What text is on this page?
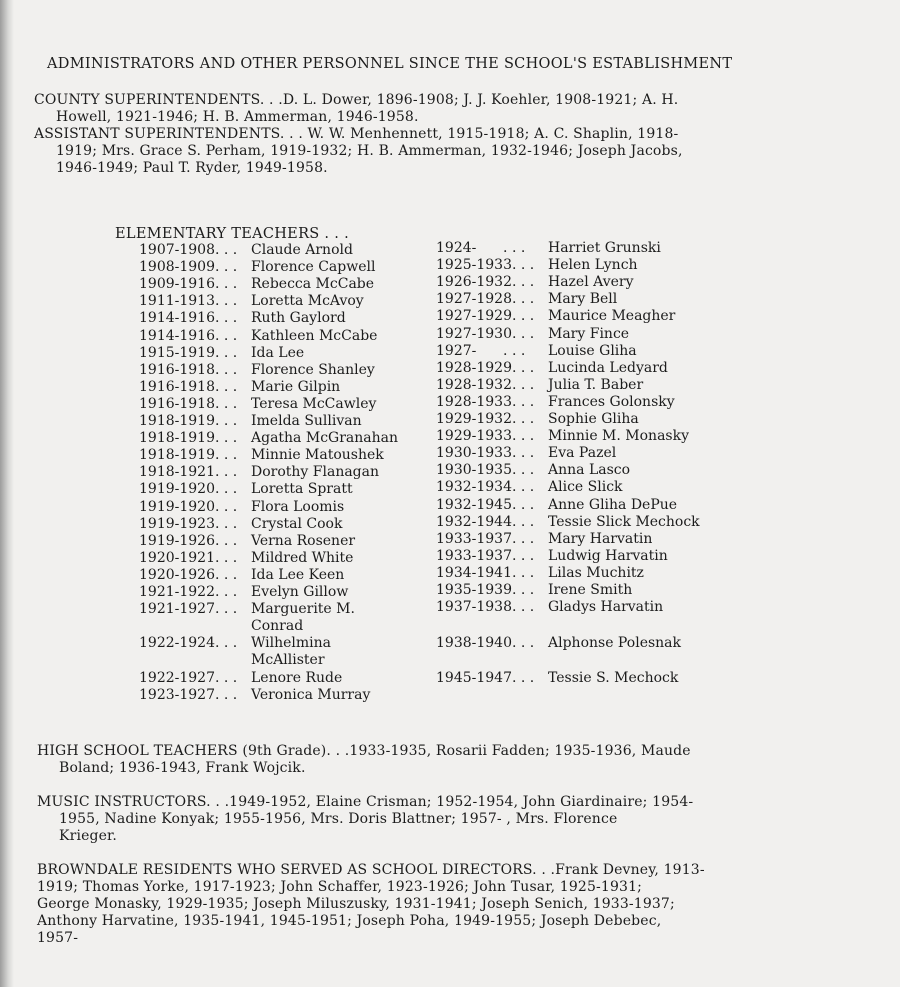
ADMINISTRATORS AND OTHER PERSONNEL SINCE THE SCHOOL'S ESTABLISHMENT
COUNTY SUPERINTENDENTS. . .D. L. Dower, 1896-1908; J. J. Koehler, 1908-1921; A. H.
Howell, 1921-1946; H. B. Ammerman, 1946-1958.
ASSISTANT SUPERINTENDENTS. . . W. W. Menhennett, 1915-1918; A. C. Shaplin, 1918-
1919; Mrs. Grace S. Perham, 1919-1932; H. B. Ammerman, 1932-1946; Joseph Jacobs,
1946-1949; Paul T. Ryder, 1949-1958.
ELEMENTARY TEACHERS . . .
1907-1908. . . Claude Arnold
1908-1909. . . Florence Capwell
1909-1916. . . Rebecca McCabe
1911-1913. . . Loretta McAvoy
1914-1916. . . Ruth Gaylord
1914-1916. . . Kathleen McCabe
1915-1919. . . Ida Lee
1916-1918. . . Florence Shanley
1916-1918. . . Marie Gilpin
1916-1918. . . Teresa McCawley
1918-1919. . . Imelda Sullivan
1918-1919. . . Agatha McGranahan
1918-1919. . . Minnie Matoushek
1918-1921. . . Dorothy Flanagan
1919-1920. . . Loretta Spratt
1919-1920. . . Flora Loomis
1919-1923. . . Crystal Cook
1919-1926. . . Verna Rosener
1920-1921. . . Mildred White
1920-1926. . . Ida Lee Keen
1921-1922. . . Evelyn Gillow
1921-1927. . . Marguerite M.
Conrad
1922-1924. . . Wilhelmina
McAllister
1922-1927. . . Lenore Rude
1923-1927. . . Veronica Murray
1924-      . . . Harriet Grunski
1925-1933. . . Helen Lynch
1926-1932. . . Hazel Avery
1927-1928. . . Mary Bell
1927-1929. . . Maurice Meagher
1927-1930. . . Mary Fince
1927-      . . . Louise Gliha
1928-1929. . . Lucinda Ledyard
1928-1932. . . Julia T. Baber
1928-1933. . . Frances Golonsky
1929-1932. . . Sophie Gliha
1929-1933. . . Minnie M. Monasky
1930-1933. . . Eva Pazel
1930-1935. . . Anna Lasco
1932-1934. . . Alice Slick
1932-1945. . . Anne Gliha DePue
1932-1944. . . Tessie Slick Mechock
1933-1937. . . Mary Harvatin
1933-1937. . . Ludwig Harvatin
1934-1941. . . Lilas Muchitz
1935-1939. . . Irene Smith
1937-1938. . . Gladys Harvatin
1938-1940. . . Alphonse Polesnak
1945-1947. . . Tessie S. Mechock
HIGH SCHOOL TEACHERS (9th Grade). . .1933-1935, Rosarii Fadden; 1935-1936, Maude
Boland; 1936-1943, Frank Wojcik.
MUSIC INSTRUCTORS. . .1949-1952, Elaine Crisman; 1952-1954, John Giardinaire; 1954-
1955, Nadine Konyak; 1955-1956, Mrs. Doris Blattner; 1957- , Mrs. Florence
Krieger.
BROWNDALE RESIDENTS WHO SERVED AS SCHOOL DIRECTORS. . .Frank Devney, 1913-
1919; Thomas Yorke, 1917-1923; John Schaffer, 1923-1926; John Tusar, 1925-1931;
George Monasky, 1929-1935; Joseph Miluszusky, 1931-1941; Joseph Senich, 1933-1937;
Anthony Harvatine, 1935-1941, 1945-1951; Joseph Poha, 1949-1955; Joseph Debebec,
1957-
